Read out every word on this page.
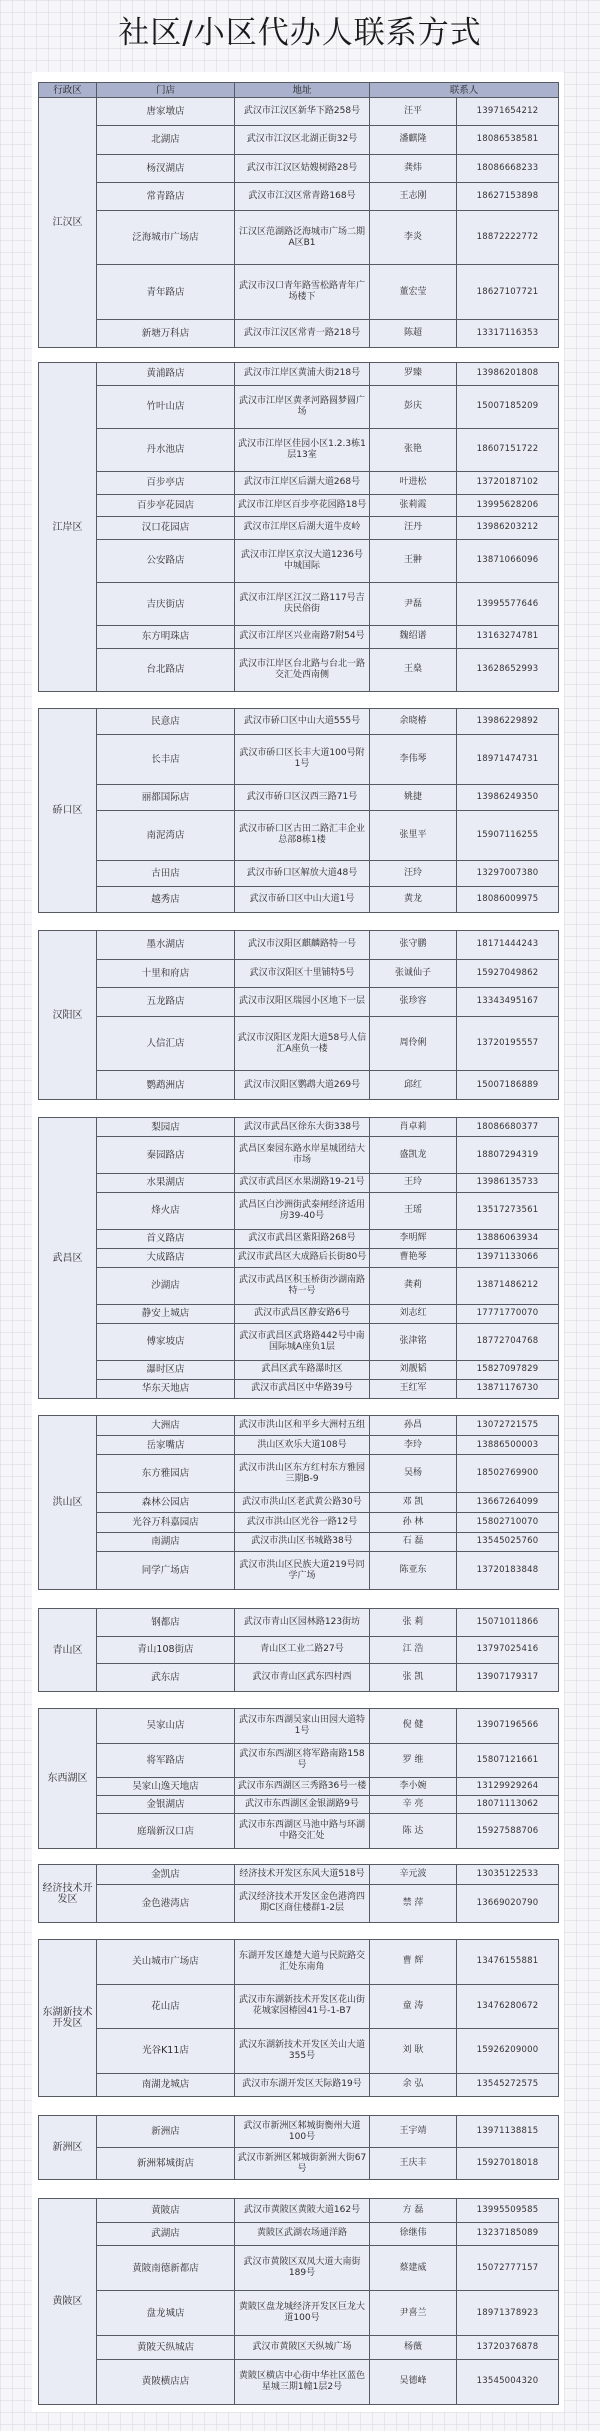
社区/小区代办人联系方式
行政区	门店	地址	联系人	
江汉区	唐家墩店	武汉市江汉区新华下路258号	汪平	13971654212
	北湖店	武汉市江汉区北湖正街32号	潘麒隆	18086538581
	杨汊湖店	武汉市江汉区姑嫂树路28号	龚炜	18086668233
	常青路店	武汉市江汉区常青路168号	王志刚	18627153898
	泛海城市广场店	江汉区范湖路泛海城市广场二期A区B1	李炎	18872222772
	青年路店	武汉市汉口青年路雪松路青年广场楼下	董宏莹	18627107721
	新塘万科店	武汉市江汉区常青一路218号	陈超	13317116353
江岸区	黄浦路店	武汉市江岸区黄浦大街218号	罗臻	13986201808
	竹叶山店	武汉市江岸区黄孝河路圆梦圆广场	彭庆	15007185209
	丹水池店	武汉市江岸区佳园小区1.2.3栋1层13室	张艳	18607151722
	百步亭店	武汉市江岸区后湖大道268号	叶进松	13720187102
	百步亭花园店	武汉市江岸区百步亭花园路18号	张莉霞	13995628206
	汉口花园店	武汉市江岸区后湖大道牛皮岭	汪丹	13986203212
	公安路店	武汉市江岸区京汉大道1236号中城国际	王翀	13871066096
	吉庆街店	武汉市江岸区江汉二路117号吉庆民俗街	尹磊	13995577646
	东方明珠店	武汉市江岸区兴业南路7附54号	魏绍谱	13163274781
	台北路店	武汉市江岸区台北路与台北一路交汇处西南侧	王燊	13628652993
硚口区	民意店	武汉市硚口区中山大道555号	余晓椿	13986229892
	长丰店	武汉市硚口区长丰大道100号附1号	李伟琴	18971474731
	丽都国际店	武汉市硚口区汉西三路71号	姚捷	13986249350
	南泥湾店	武汉市硚口区古田二路汇丰企业总部8栋1楼	张里平	15907116255
	古田店	武汉市硚口区解放大道48号	汪玲	13297007380
	越秀店	武汉市硚口区中山大道1号	黄龙	18086009975
汉阳区	墨水湖店	武汉市汉阳区麒麟路特一号	张守鹏	18171444243
	十里和府店	武汉市汉阳区十里铺特5号	张诚仙子	15927049862
	五龙路店	武汉市汉阳区瑞园小区地下一层	张珍容	13343495167
	人信汇店	武汉市汉阳区龙阳大道58号人信汇A座负一楼	周伶俐	13720195557
	鹦鹉洲店	武汉市汉阳区鹦鹉大道269号	邱红	15007186889
武昌区	梨园店	武汉市武昌区徐东大街338号	肖卓莉	18086680377
	秦园路店	武昌区秦园东路水岸星城团结大市场	盛凯龙	18807294319
	水果湖店	武汉市武昌区水果湖路19-21号	王玲	13986135733
	烽火店	武昌区白沙洲街武泰闸经济适用房39-40号	王瑶	13517273561
	首义路店	武汉市武昌区紫阳路268号	李明辉	13886063934
	大成路店	武汉市武昌区大成路后长街80号	曹艳琴	13971133066
	沙湖店	武汉市武昌区积玉桥街沙湖南路特一号	龚莉	13871486212
	静安上城店	武汉市武昌区静安路6号	刘志红	17771770070
	傅家坡店	武汉市武昌区武珞路442号中南国际城A座负1层	张津铭	18772704768
	瀑时区店	武昌区武车路瀑时区	刘靓韬	15827097829
	华东天地店	武汉市武昌区中华路39号	王红军	13871176730
洪山区	大洲店	武汉市洪山区和平乡大洲村五组	孙昌	13072721575
	岳家嘴店	洪山区欢乐大道108号	李玲	13886500003
	东方雅园店	武汉市洪山区东方红村东方雅园三期B-9	吴杨	18502769900
	森林公园店	武汉市洪山区老武黄公路30号	邓 凯	13667264099
	光谷万科嘉园店	武汉市洪山区光谷一路12号	孙 林	15802710070
	南湖店	武汉市洪山区书城路38号	石 磊	13545025760
	同学广场店	武汉市洪山区民族大道219号同学广场	陈亚东	13720183848
青山区	钢都店	武汉市青山区园林路123街坊	张 莉	15071011866
	青山108街店	青山区工业二路27号	江 浩	13797025416
	武东店	武汉市青山区武东四村西	张 凯	13907179317
东西湖区	吴家山店	武汉市东西湖吴家山田园大道特1号	倪 健	13907196566
	将军路店	武汉市东西湖区将军路南路158号	罗 维	15807121661
	吴家山逸天地店	武汉市东西湖区三秀路36号一楼	李小婉	13129929264
	金银湖店	武汉市东西湖区金银湖路9号	辛 亮	18071113062
	庭瑞新汉口店	武汉市东西湖区马池中路与环湖中路交汇处	陈 达	15927588706
经济技术开发区	金凯店	经济技术开发区东风大道518号	辛元波	13035122533
	金色港湾店	武汉经济技术开发区金色港湾四期C区商住楼群1-2层	禁 萍	13669020790
东湖新技术开发区	关山城市广场店	东湖开发区雄楚大道与民院路交汇处东南角	曹 辉	13476155881
	花山店	武汉市东湖新技术开发区花山街花城家园椿园41号-1-B7	童 涛	13476280672
	光谷K11店	武汉东湖新技术开发区关山大道355号	刘 耿	15926209000
	南湖龙城店	武汉市东湖开发区天际路19号	余 弘	13545272575
新洲区	新洲店	武汉市新洲区邾城街衡州大道100号	王宇靖	13971138815
	新洲邾城街店	武汉市新洲区邾城街新洲大街67号	王庆丰	15927018018
黄陂区	黄陂店	武汉市黄陂区黄陂大道162号	方 磊	13995509585
	武湖店	黄陂区武湖农场通洋路	徐继伟	13237185089
	黄陂南德新都店	武汉市黄陂区双凤大道大南街189号	蔡建威	15072777157
	盘龙城店	黄陂区盘龙城经济开发区巨龙大道100号	尹喜兰	18971378923
	黄陂天纵城店	武汉市黄陂区天纵城广场	杨薇	13720376878
	黄陂横店店	黄陂区横店中心街中华社区蓝色星城三期1幢1层2号	吴德峰	13545004320
